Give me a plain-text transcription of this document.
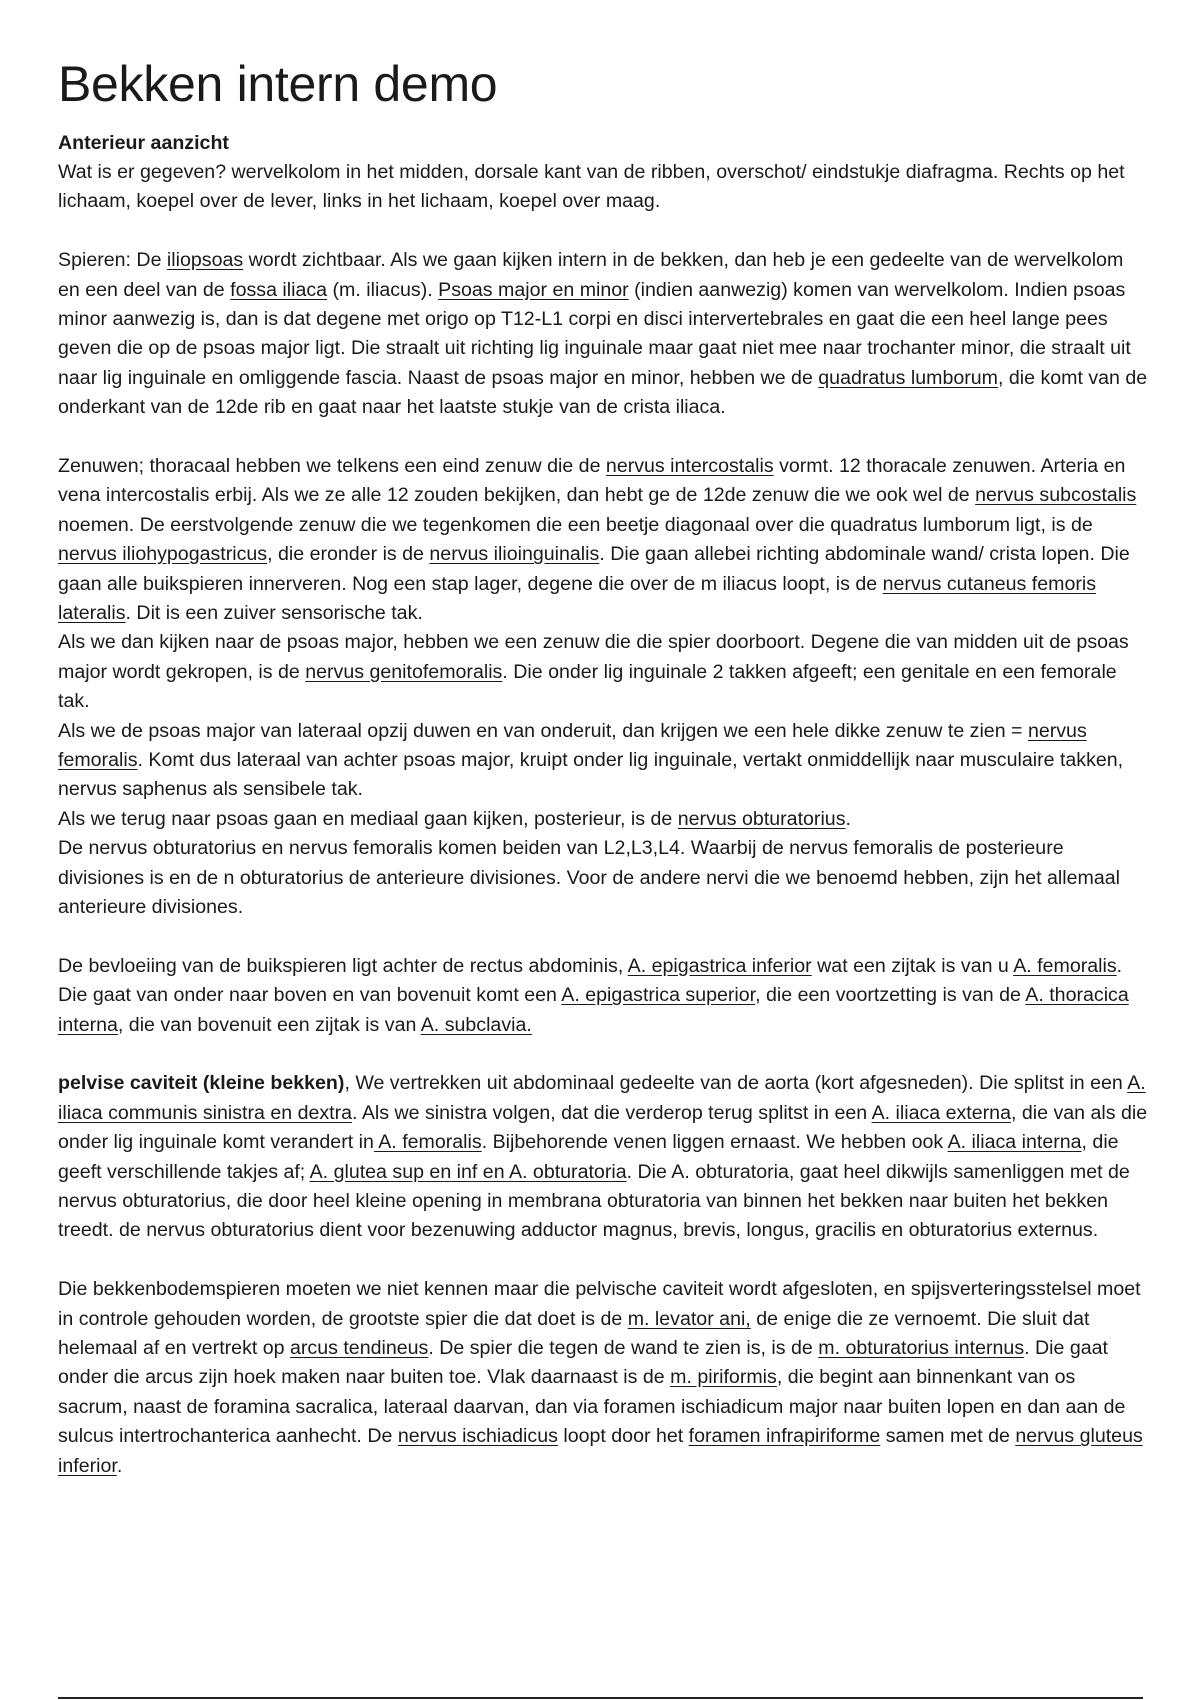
Bekken intern demo
Anterieur aanzicht
Wat is er gegeven? wervelkolom in het midden, dorsale kant van de ribben, overschot/ eindstukje diafragma. Rechts op het lichaam, koepel over de lever, links in het lichaam, koepel over maag.
Spieren: De iliopsoas wordt zichtbaar. Als we gaan kijken intern in de bekken, dan heb je een gedeelte van de wervelkolom en een deel van de fossa iliaca (m. iliacus). Psoas major en minor (indien aanwezig) komen van wervelkolom. Indien psoas minor aanwezig is, dan is dat degene met origo op T12-L1 corpi en disci intervertebrales en gaat die een heel lange pees geven die op de psoas major ligt. Die straalt uit richting lig inguinale maar gaat niet mee naar trochanter minor, die straalt uit naar lig inguinale en omliggende fascia. Naast de psoas major en minor, hebben we de quadratus lumborum, die komt van de onderkant van de 12de rib en gaat naar het laatste stukje van de crista iliaca.
Zenuwen; thoracaal hebben we telkens een eind zenuw die de nervus intercostalis vormt. 12 thoracale zenuwen. Arteria en vena intercostalis erbij. Als we ze alle 12 zouden bekijken, dan hebt ge de 12de zenuw die we ook wel de nervus subcostalis noemen. De eerstvolgende zenuw die we tegenkomen die een beetje diagonaal over die quadratus lumborum ligt, is de nervus iliohypogastricus, die eronder is de nervus ilioinguinalis. Die gaan allebei richting abdominale wand/ crista lopen. Die gaan alle buikspieren innerveren. Nog een stap lager, degene die over de m iliacus loopt, is de nervus cutaneus femoris lateralis. Dit is een zuiver sensorische tak.
Als we dan kijken naar de psoas major, hebben we een zenuw die die spier doorboort. Degene die van midden uit de psoas major wordt gekropen, is de nervus genitofemoralis. Die onder lig inguinale 2 takken afgeeft; een genitale en een femorale tak.
Als we de psoas major van lateraal opzij duwen en van onderuit, dan krijgen we een hele dikke zenuw te zien = nervus femoralis. Komt dus lateraal van achter psoas major, kruipt onder lig inguinale, vertakt onmiddellijk naar musculaire takken, nervus saphenus als sensibele tak.
Als we terug naar psoas gaan en mediaal gaan kijken, posterieur, is de nervus obturatorius.
De nervus obturatorius en nervus femoralis komen beiden van L2,L3,L4. Waarbij de nervus femoralis de posterieure divisiones is en de n obturatorius de anterieure divisiones. Voor de andere nervi die we benoemd hebben, zijn het allemaal anterieure divisiones.
De bevloeiing van de buikspieren ligt achter de rectus abdominis, A. epigastrica inferior wat een zijtak is van u A. femoralis. Die gaat van onder naar boven en van bovenuit komt een A. epigastrica superior, die een voortzetting is van de A. thoracica interna, die van bovenuit een zijtak is van A. subclavia.
pelvise caviteit (kleine bekken), We vertrekken uit abdominaal gedeelte van de aorta (kort afgesneden). Die splitst in een A. iliaca communis sinistra en dextra. Als we sinistra volgen, dat die verderop terug splitst in een A. iliaca externa, die van als die onder lig inguinale komt verandert in A. femoralis. Bijbehorende venen liggen ernaast. We hebben ook A. iliaca interna, die geeft verschillende takjes af; A. glutea sup en inf en A. obturatoria. Die A. obturatoria, gaat heel dikwijls samenliggen met de nervus obturatorius, die door heel kleine opening in membrana obturatoria van binnen het bekken naar buiten het bekken treedt. de nervus obturatorius dient voor bezenuwing adductor magnus, brevis, longus, gracilis en obturatorius externus.
Die bekkenbodemspieren moeten we niet kennen maar die pelvische caviteit wordt afgesloten, en spijsverteringsstelsel moet in controle gehouden worden, de grootste spier die dat doet is de m. levator ani, de enige die ze vernoemt. Die sluit dat helemaal af en vertrekt op arcus tendineus. De spier die tegen de wand te zien is, is de m. obturatorius internus. Die gaat onder die arcus zijn hoek maken naar buiten toe. Vlak daarnaast is de m. piriformis, die begint aan binnenkant van os sacrum, naast de foramina sacralica, lateraal daarvan, dan via foramen ischiadicum major naar buiten lopen en dan aan de sulcus intertrochanterica aanhecht. De nervus ischiadicus loopt door het foramen infrapiriforme samen met de nervus gluteus inferior.
